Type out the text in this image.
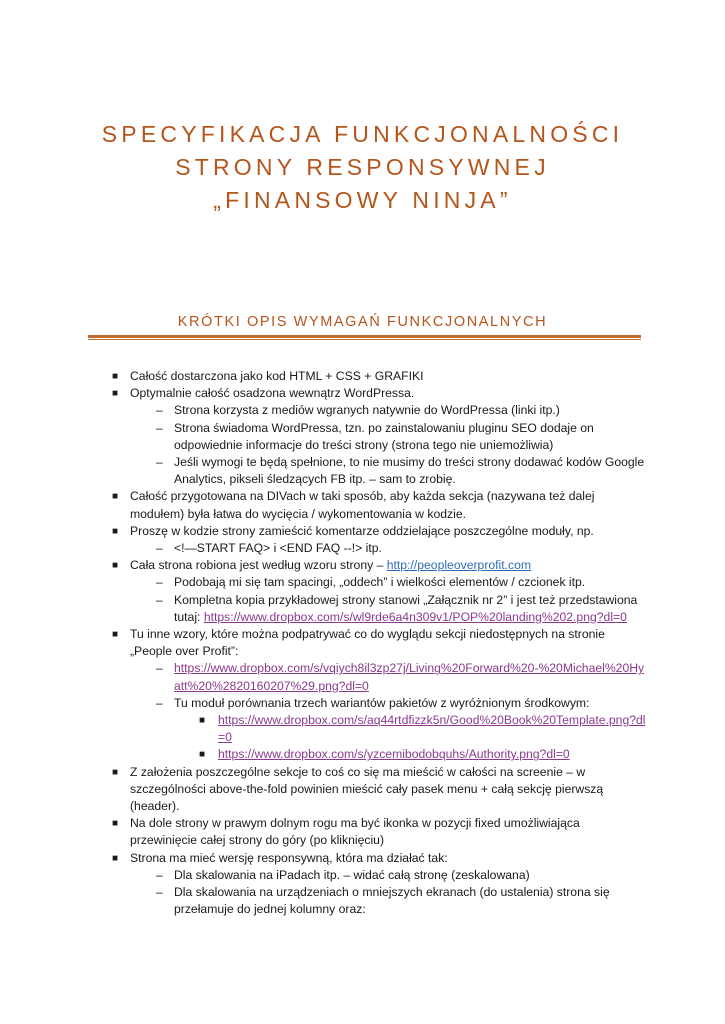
SPECYFIKACJA FUNKCJONALNOŚCI
STRONY RESPONSYWNEJ
„FINANSOWY NINJA”
KRÓTKI OPIS WYMAGAŃ FUNKCJONALNYCH
■ Całość dostarczona jako kod HTML + CSS + GRAFIKI
■ Optymalnie całość osadzona wewnątrz WordPressa.
– Strona korzysta z mediów wgranych natywnie do WordPressa (linki itp.)
– Strona świadoma WordPressa, tzn. po zainstalowaniu pluginu SEO dodaje on odpowiednie informacje do treści strony (strona tego nie uniemożliwia)
– Jeśli wymogi te będą spełnione, to nie musimy do treści strony dodawać kodów Google Analytics, pikseli śledzących FB itp. – sam to zrobię.
■ Całość przygotowana na DIVach w taki sposób, aby każda sekcja (nazywana też dalej modułem) była łatwa do wycięcia / wykomentowania w kodzie.
■ Proszę w kodzie strony zamieścić komentarze oddzielające poszczególne moduły, np.
– <!—START FAQ> i <END FAQ --!> itp.
■ Cała strona robiona jest według wzoru strony – http://peopleoverprofit.com
– Podobają mi się tam spacingi, „oddech” i wielkości elementów / czcionek itp.
– Kompletna kopia przykładowej strony stanowi „Załącznik nr 2” i jest też przedstawiona tutaj: https://www.dropbox.com/s/wl9rde6a4n309v1/POP%20landing%202.png?dl=0
■ Tu inne wzory, które można podpatrywać co do wyglądu sekcji niedostępnych na stronie „People over Profit”:
– https://www.dropbox.com/s/vqiych8il3zp27j/Living%20Forward%20-%20Michael%20Hyatt%20%2820160207%29.png?dl=0
– Tu moduł porównania trzech wariantów pakietów z wyróżnionym środkowym:
■ https://www.dropbox.com/s/aq44rtdfizzk5n/Good%20Book%20Template.png?dl=0
■ https://www.dropbox.com/s/yzcemibodobquhs/Authority.png?dl=0
■ Z założenia poszczególne sekcje to coś co się ma mieścić w całości na screenie – w szczególności above-the-fold powinien mieścić cały pasek menu + całą sekcję pierwszą (header).
■ Na dole strony w prawym dolnym rogu ma być ikonka w pozycji fixed umożliwiająca przewinięcie całej strony do góry (po kliknięciu)
■ Strona ma mieć wersję responsywną, która ma działać tak:
– Dla skalowania na iPadach itp. – widać całą stronę (zeskalowana)
– Dla skalowania na urządzeniach o mniejszych ekranach (do ustalenia) strona się przełamuje do jednej kolumny oraz:
